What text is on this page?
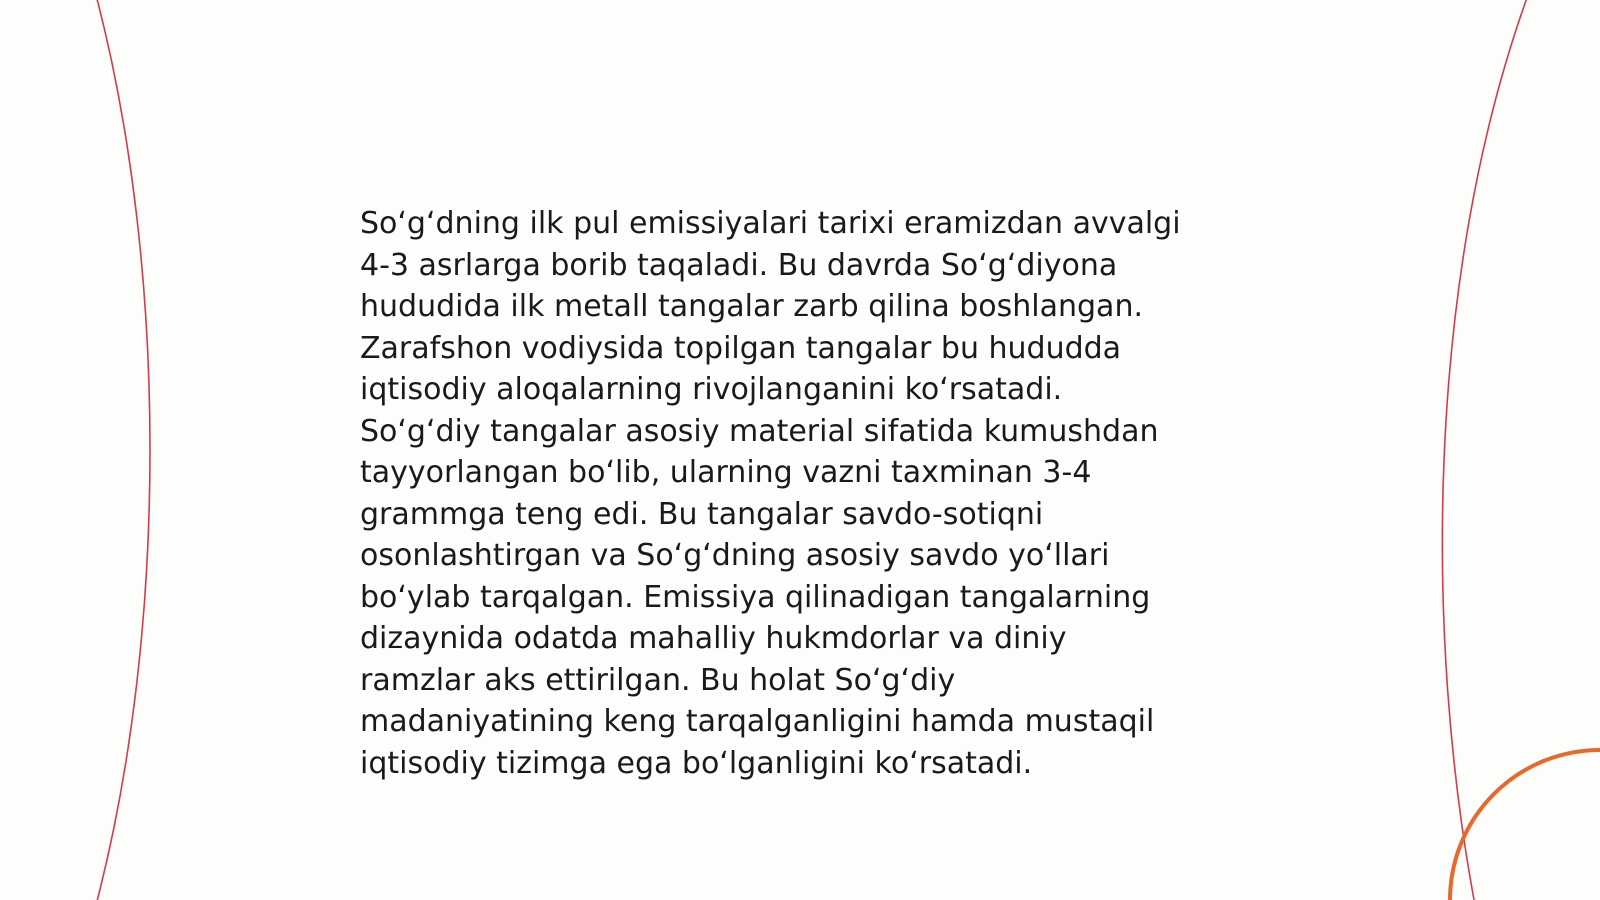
So‘g‘dning ilk pul emissiyalari tarixi eramizdan avvalgi
4-3 asrlarga borib taqaladi. Bu davrda So‘g‘diyona
hududida ilk metall tangalar zarb qilina boshlangan.
Zarafshon vodiysida topilgan tangalar bu hududda
iqtisodiy aloqalarning rivojlanganini ko‘rsatadi.
So‘g‘diy tangalar asosiy material sifatida kumushdan
tayyorlangan bo‘lib, ularning vazni taxminan 3-4
grammga teng edi. Bu tangalar savdo-sotiqni
osonlashtirgan va So‘g‘dning asosiy savdo yo‘llari
bo‘ylab tarqalgan. Emissiya qilinadigan tangalarning
dizaynida odatda mahalliy hukmdorlar va diniy
ramzlar aks ettirilgan. Bu holat So‘g‘diy
madaniyatining keng tarqalganligini hamda mustaqil
iqtisodiy tizimga ega bo‘lganligini ko‘rsatadi.
